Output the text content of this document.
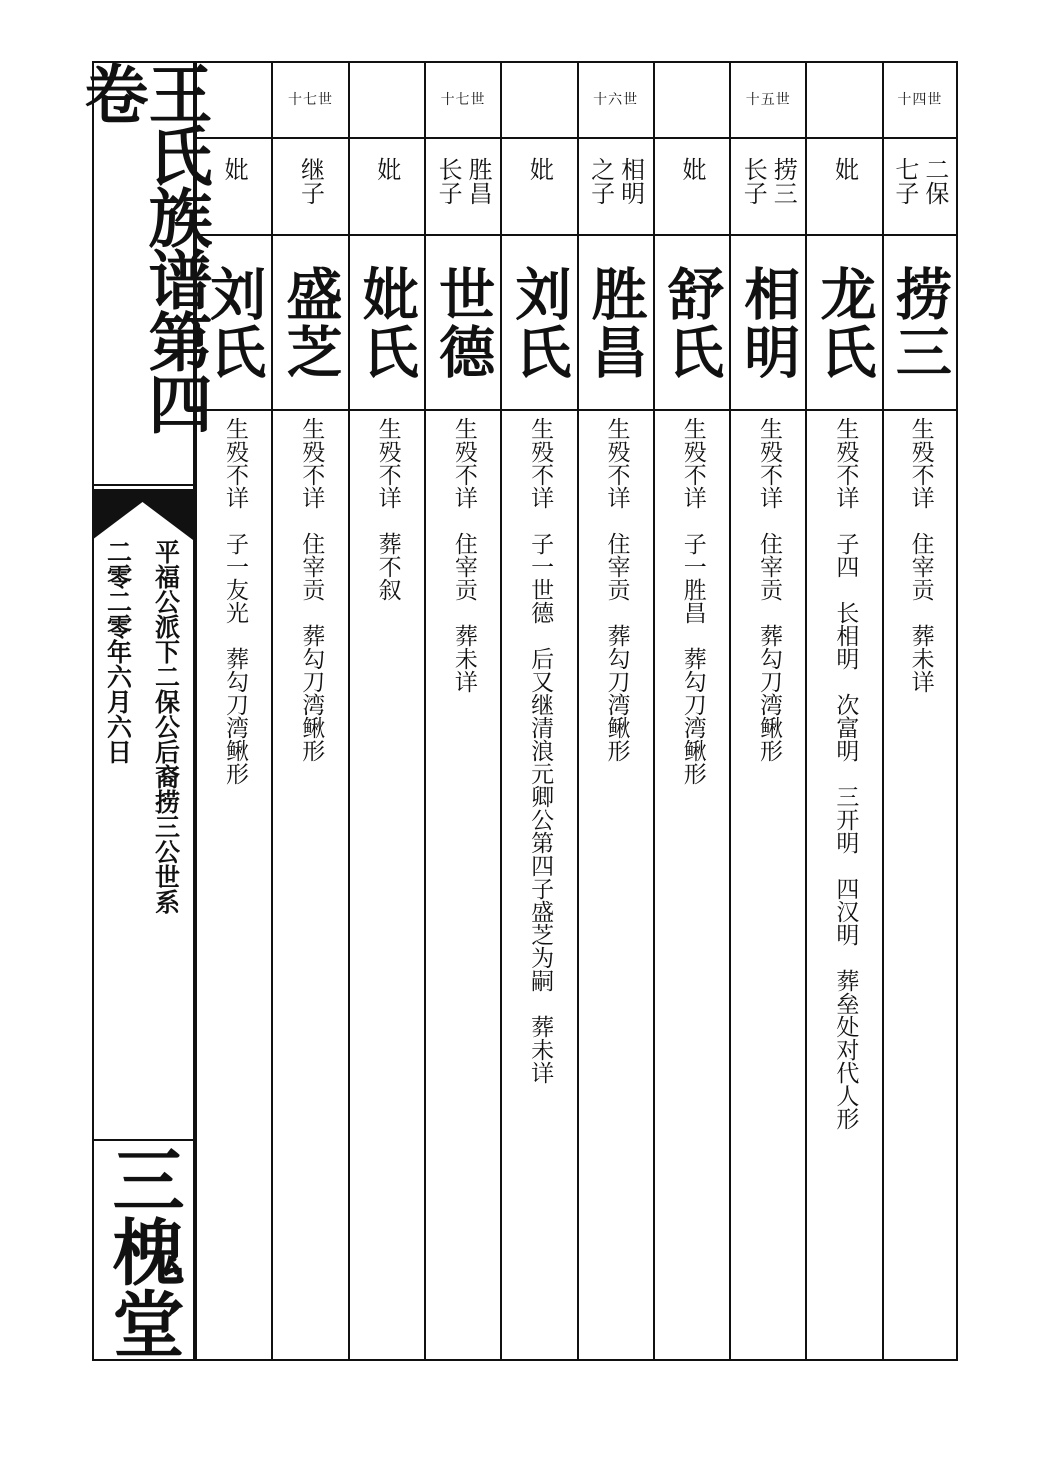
王氏族谱第四卷
平福公派下二保公后裔捞三公世系
二零二零年六月六日
三槐堂
十四世
二保七子
捞三
生殁不详　住宰贡　葬未详
妣
龙氏
生殁不详　子四　长相明　次富明　三开明　四汉明　葬垒处对代人形
十五世
捞三长子
相明
生殁不详　住宰贡　葬勾刀湾鳅形
妣
舒氏
生殁不详　子一胜昌　葬勾刀湾鳅形
十六世
相明之子
胜昌
生殁不详　住宰贡　葬勾刀湾鳅形
妣
刘氏
生殁不详　子一世德　后又继清浪元卿公第四子盛芝为嗣　葬未详
十七世
胜昌长子
世德
生殁不详　住宰贡　葬未详
妣
妣氏
生殁不详　葬不叙
十七世
继子
盛芝
生殁不详　住宰贡　葬勾刀湾鳅形
妣
刘氏
生殁不详　子一友光　葬勾刀湾鳅形
